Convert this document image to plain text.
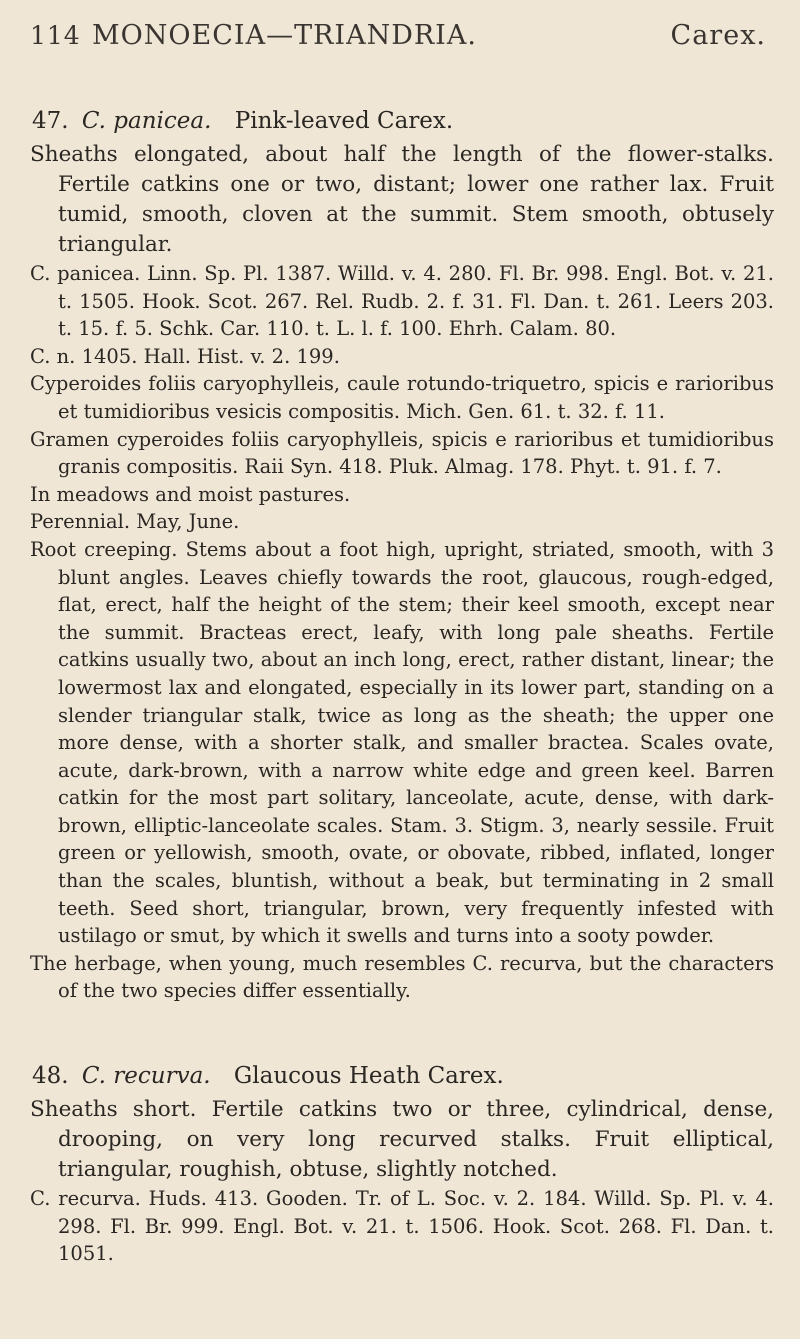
114 MONOECIA—TRIANDRIA.	Carex.
47. C. panicea. Pink-leaved Carex.

Sheaths elongated, about half the length of the flower-stalks. Fertile catkins one or two, distant; lower one rather lax. Fruit tumid, smooth, cloven at the summit. Stem smooth, obtusely triangular.

C. panicea. Linn. Sp. Pl. 1387. Willd. v. 4. 280. Fl. Br. 998. Engl. Bot. v. 21. t. 1505. Hook. Scot. 267. Rel. Rudb. 2. f. 31. Fl. Dan. t. 261. Leers 203. t. 15. f. 5. Schk. Car. 110. t. L. l. f. 100. Ehrh. Calam. 80.

C. n. 1405. Hall. Hist. v. 2. 199.

Cyperoides foliis caryophylleis, caule rotundo-triquetro, spicis e rarioribus et tumidioribus vesicis compositis. Mich. Gen. 61. t. 32. f. 11.

Gramen cyperoides foliis caryophylleis, spicis e rarioribus et tumidioribus granis compositis. Raii Syn. 418. Pluk. Almag. 178. Phyt. t. 91. f. 7.

In meadows and moist pastures.

Perennial. May, June.

Root creeping. Stems about a foot high, upright, striated, smooth, with 3 blunt angles. Leaves chiefly towards the root, glaucous, rough-edged, flat, erect, half the height of the stem; their keel smooth, except near the summit. Bracteas erect, leafy, with long pale sheaths. Fertile catkins usually two, about an inch long, erect, rather distant, linear; the lowermost lax and elongated, especially in its lower part, standing on a slender triangular stalk, twice as long as the sheath; the upper one more dense, with a shorter stalk, and smaller bractea. Scales ovate, acute, dark-brown, with a narrow white edge and green keel. Barren catkin for the most part solitary, lanceolate, acute, dense, with dark-brown, elliptic-lanceolate scales. Stam. 3. Stigm. 3, nearly sessile. Fruit green or yellowish, smooth, ovate, or obovate, ribbed, inflated, longer than the scales, bluntish, without a beak, but terminating in 2 small teeth. Seed short, triangular, brown, very frequently infested with ustilago or smut, by which it swells and turns into a sooty powder.

The herbage, when young, much resembles C. recurva, but the characters of the two species differ essentially.

48. C. recurva. Glaucous Heath Carex.

Sheaths short. Fertile catkins two or three, cylindrical, dense, drooping, on very long recurved stalks. Fruit elliptical, triangular, roughish, obtuse, slightly notched.

C. recurva. Huds. 413. Gooden. Tr. of L. Soc. v. 2. 184. Willd. Sp. Pl. v. 4. 298. Fl. Br. 999. Engl. Bot. v. 21. t. 1506. Hook. Scot. 268. Fl. Dan. t. 1051.
